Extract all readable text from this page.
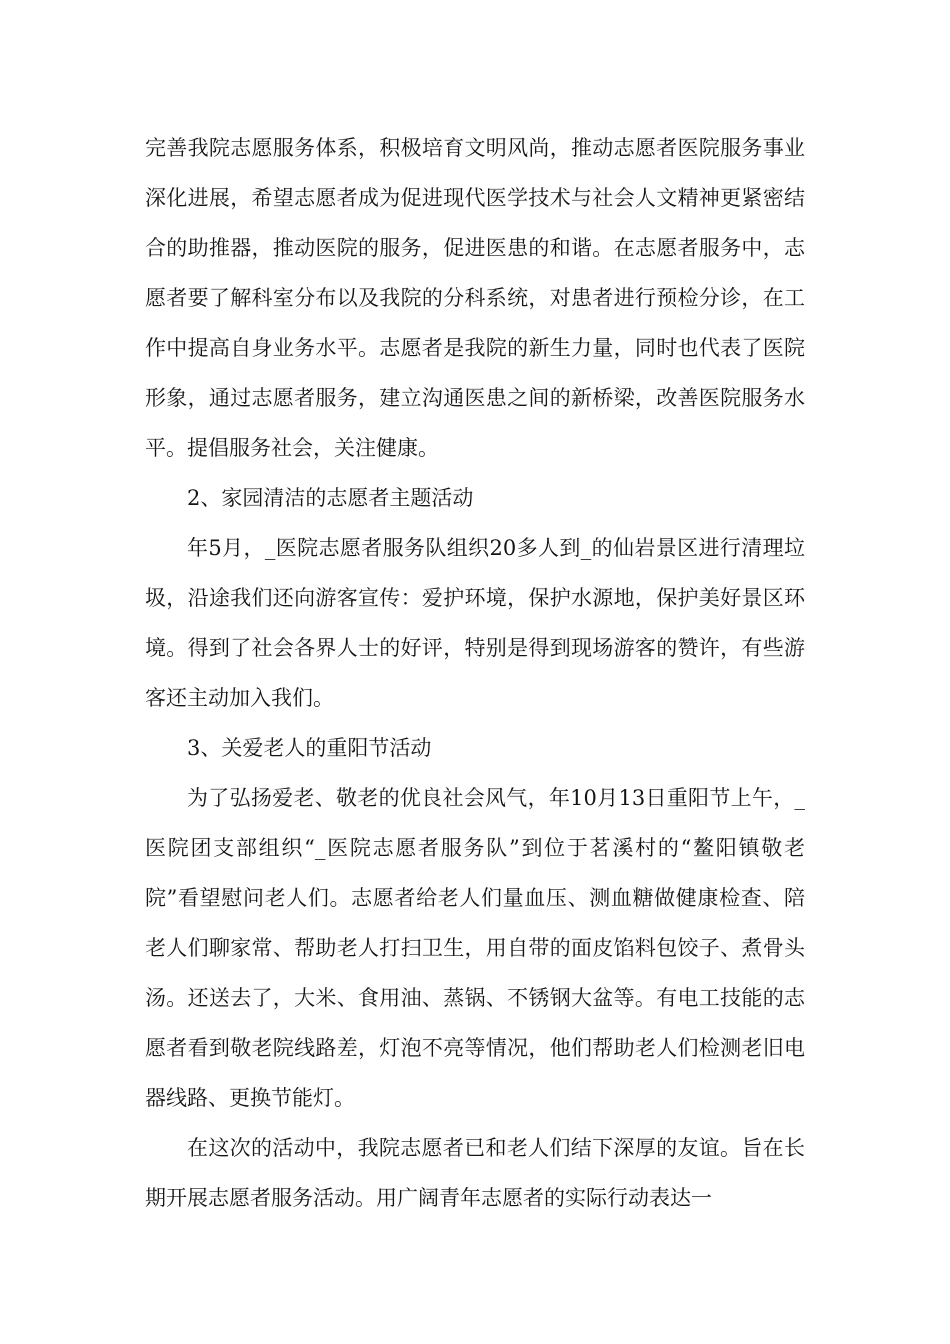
完善我院志愿服务体系，积极培育文明风尚，推动志愿者医院服务事业深化进展，希望志愿者成为促进现代医学技术与社会人文精神更紧密结合的助推器，推动医院的服务，促进医患的和谐。在志愿者服务中，志愿者要了解科室分布以及我院的分科系统，对患者进行预检分诊，在工作中提高自身业务水平。志愿者是我院的新生力量，同时也代表了医院形象，通过志愿者服务，建立沟通医患之间的新桥梁，改善医院服务水平。提倡服务社会，关注健康。

2、家园清洁的志愿者主题活动

年5月，_医院志愿者服务队组织20多人到_的仙岩景区进行清理垃圾，沿途我们还向游客宣传：爱护环境，保护水源地，保护美好景区环境。得到了社会各界人士的好评，特别是得到现场游客的赞许，有些游客还主动加入我们。

3、关爱老人的重阳节活动

为了弘扬爱老、敬老的优良社会风气，年10月13日重阳节上午，_医院团支部组织“_医院志愿者服务队”到位于茗溪村的“鳌阳镇敬老院”看望慰问老人们。志愿者给老人们量血压、测血糖做健康检查、陪老人们聊家常、帮助老人打扫卫生，用自带的面皮馅料包饺子、煮骨头汤。还送去了，大米、食用油、蒸锅、不锈钢大盆等。有电工技能的志愿者看到敬老院线路差，灯泡不亮等情况，他们帮助老人们检测老旧电器线路、更换节能灯。

在这次的活动中，我院志愿者已和老人们结下深厚的友谊。旨在长期开展志愿者服务活动。用广阔青年志愿者的实际行动表达一
